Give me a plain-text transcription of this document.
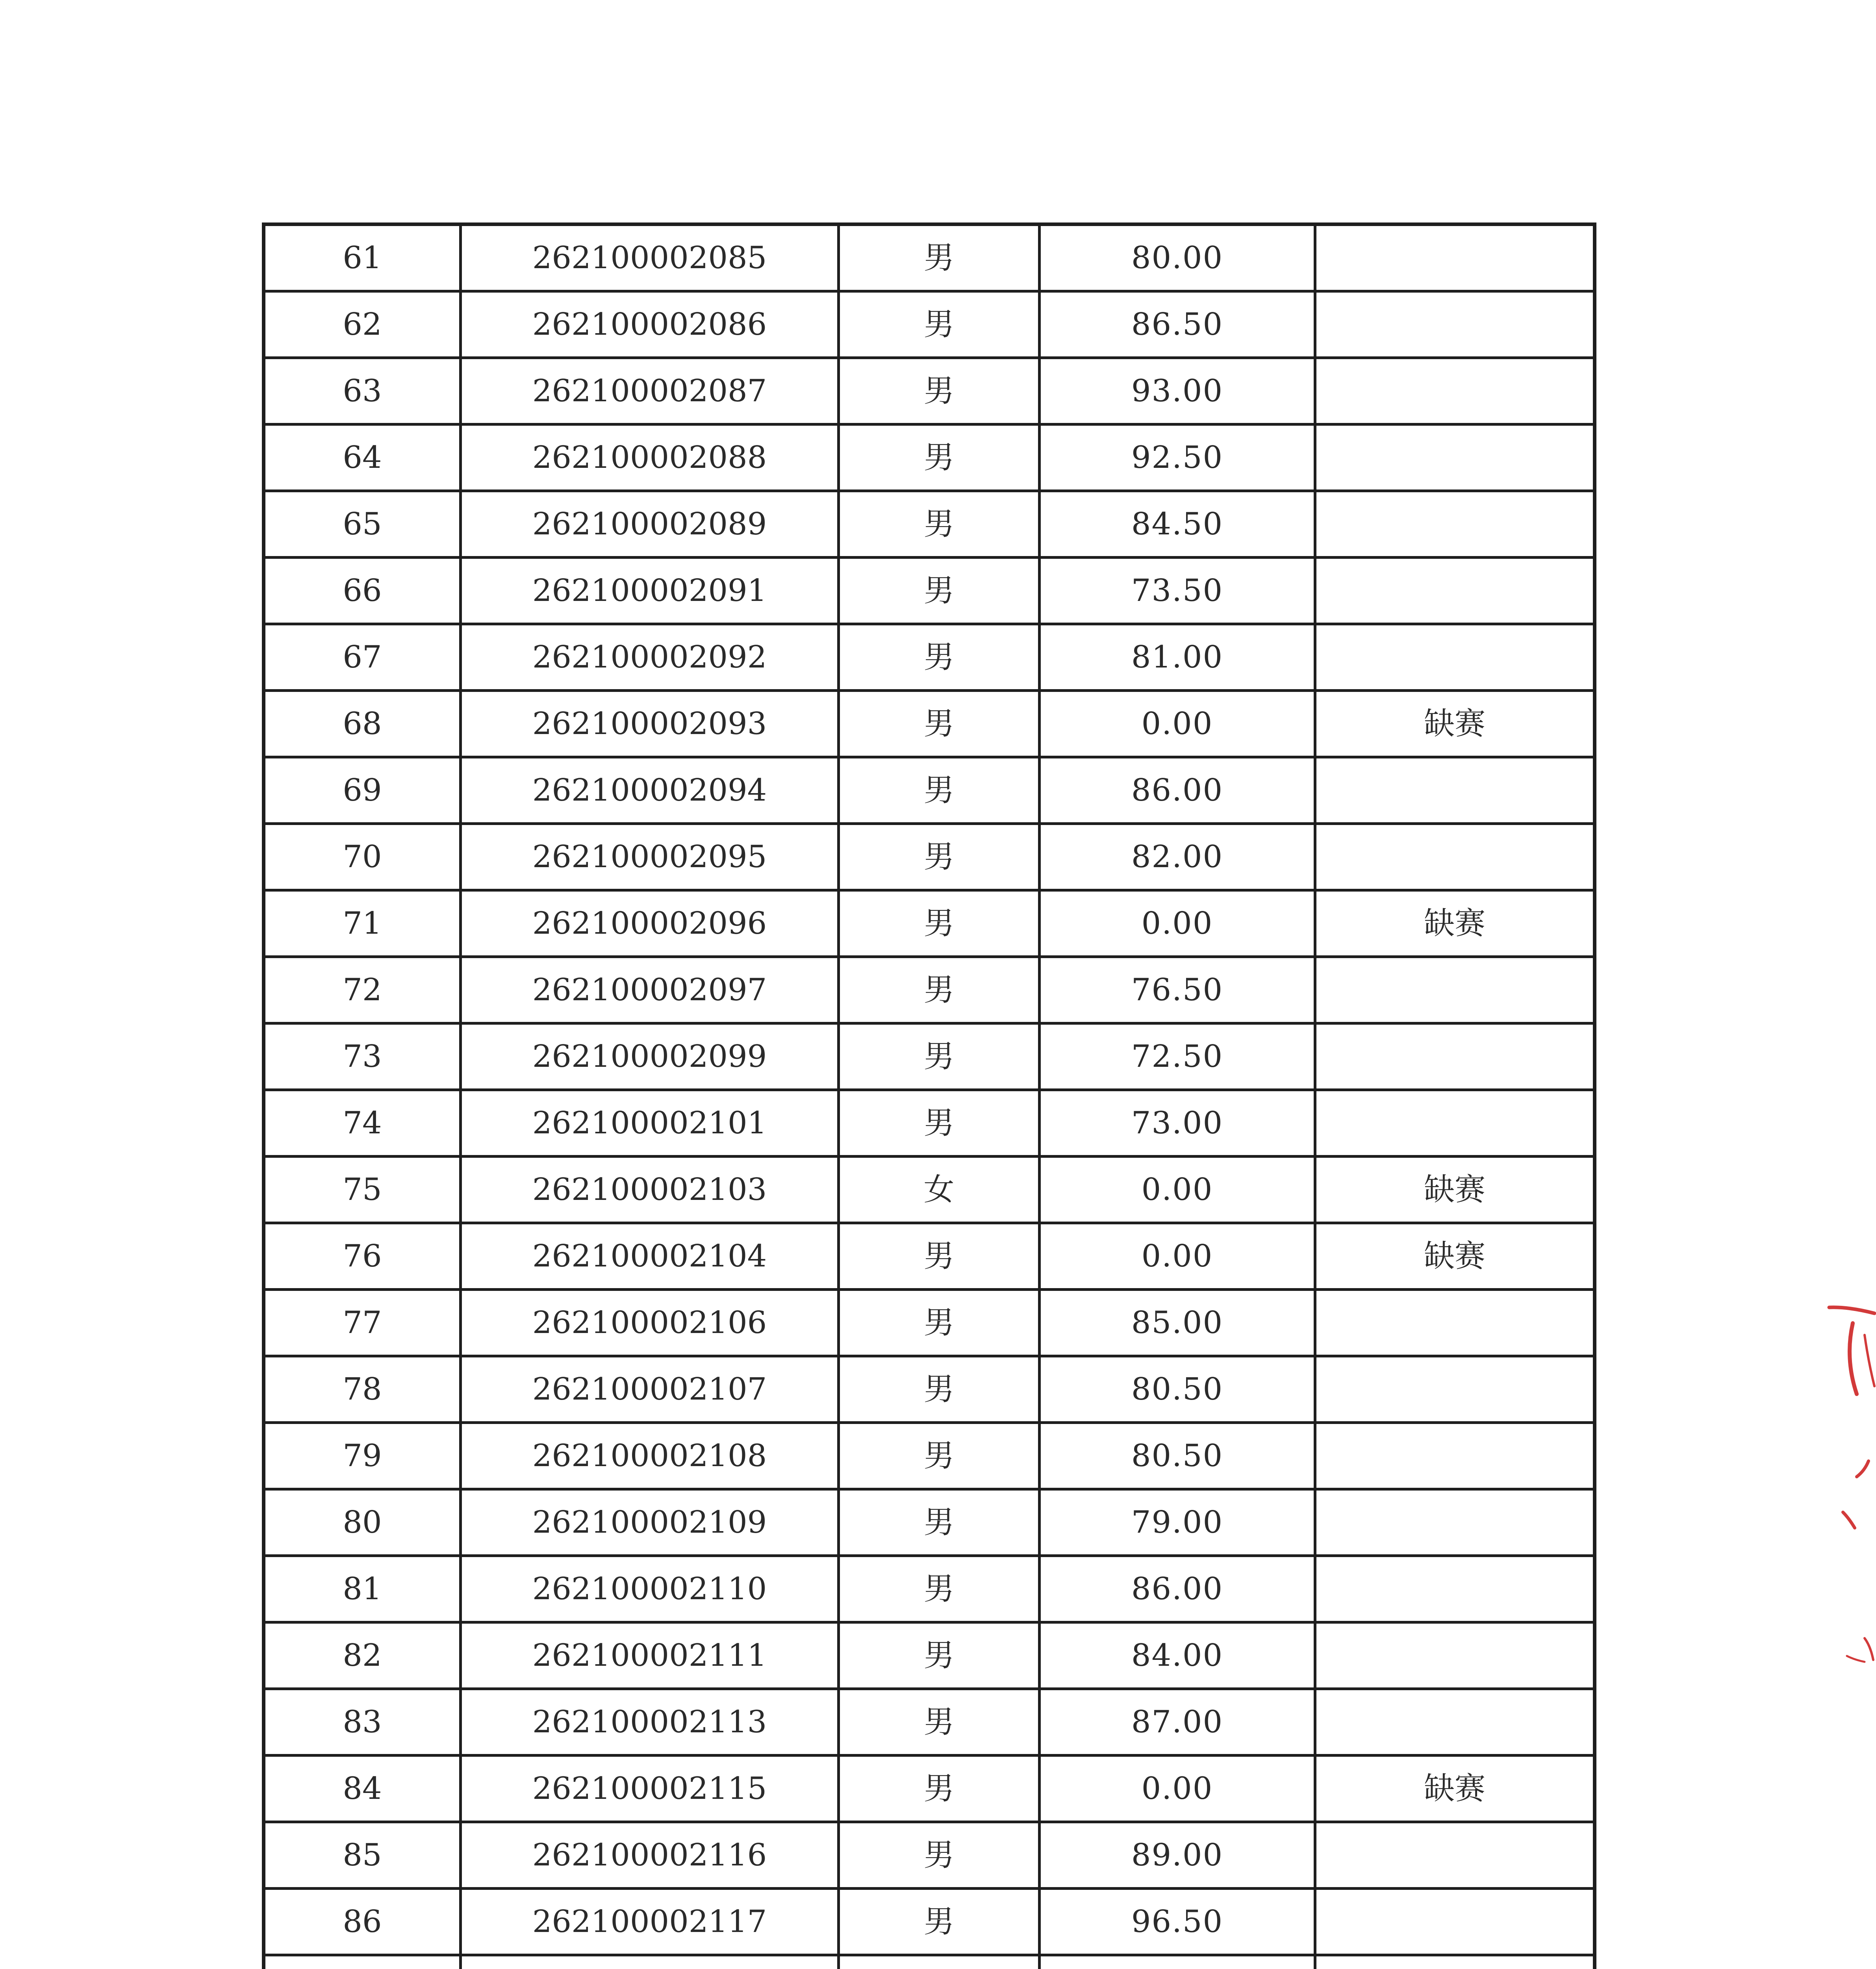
61	262100002085	男	80.00	
62	262100002086	男	86.50	
63	262100002087	男	93.00	
64	262100002088	男	92.50	
65	262100002089	男	84.50	
66	262100002091	男	73.50	
67	262100002092	男	81.00	
68	262100002093	男	0.00	缺赛
69	262100002094	男	86.00	
70	262100002095	男	82.00	
71	262100002096	男	0.00	缺赛
72	262100002097	男	76.50	
73	262100002099	男	72.50	
74	262100002101	男	73.00	
75	262100002103	女	0.00	缺赛
76	262100002104	男	0.00	缺赛
77	262100002106	男	85.00	
78	262100002107	男	80.50	
79	262100002108	男	80.50	
80	262100002109	男	79.00	
81	262100002110	男	86.00	
82	262100002111	男	84.00	
83	262100002113	男	87.00	
84	262100002115	男	0.00	缺赛
85	262100002116	男	89.00	
86	262100002117	男	96.50	
